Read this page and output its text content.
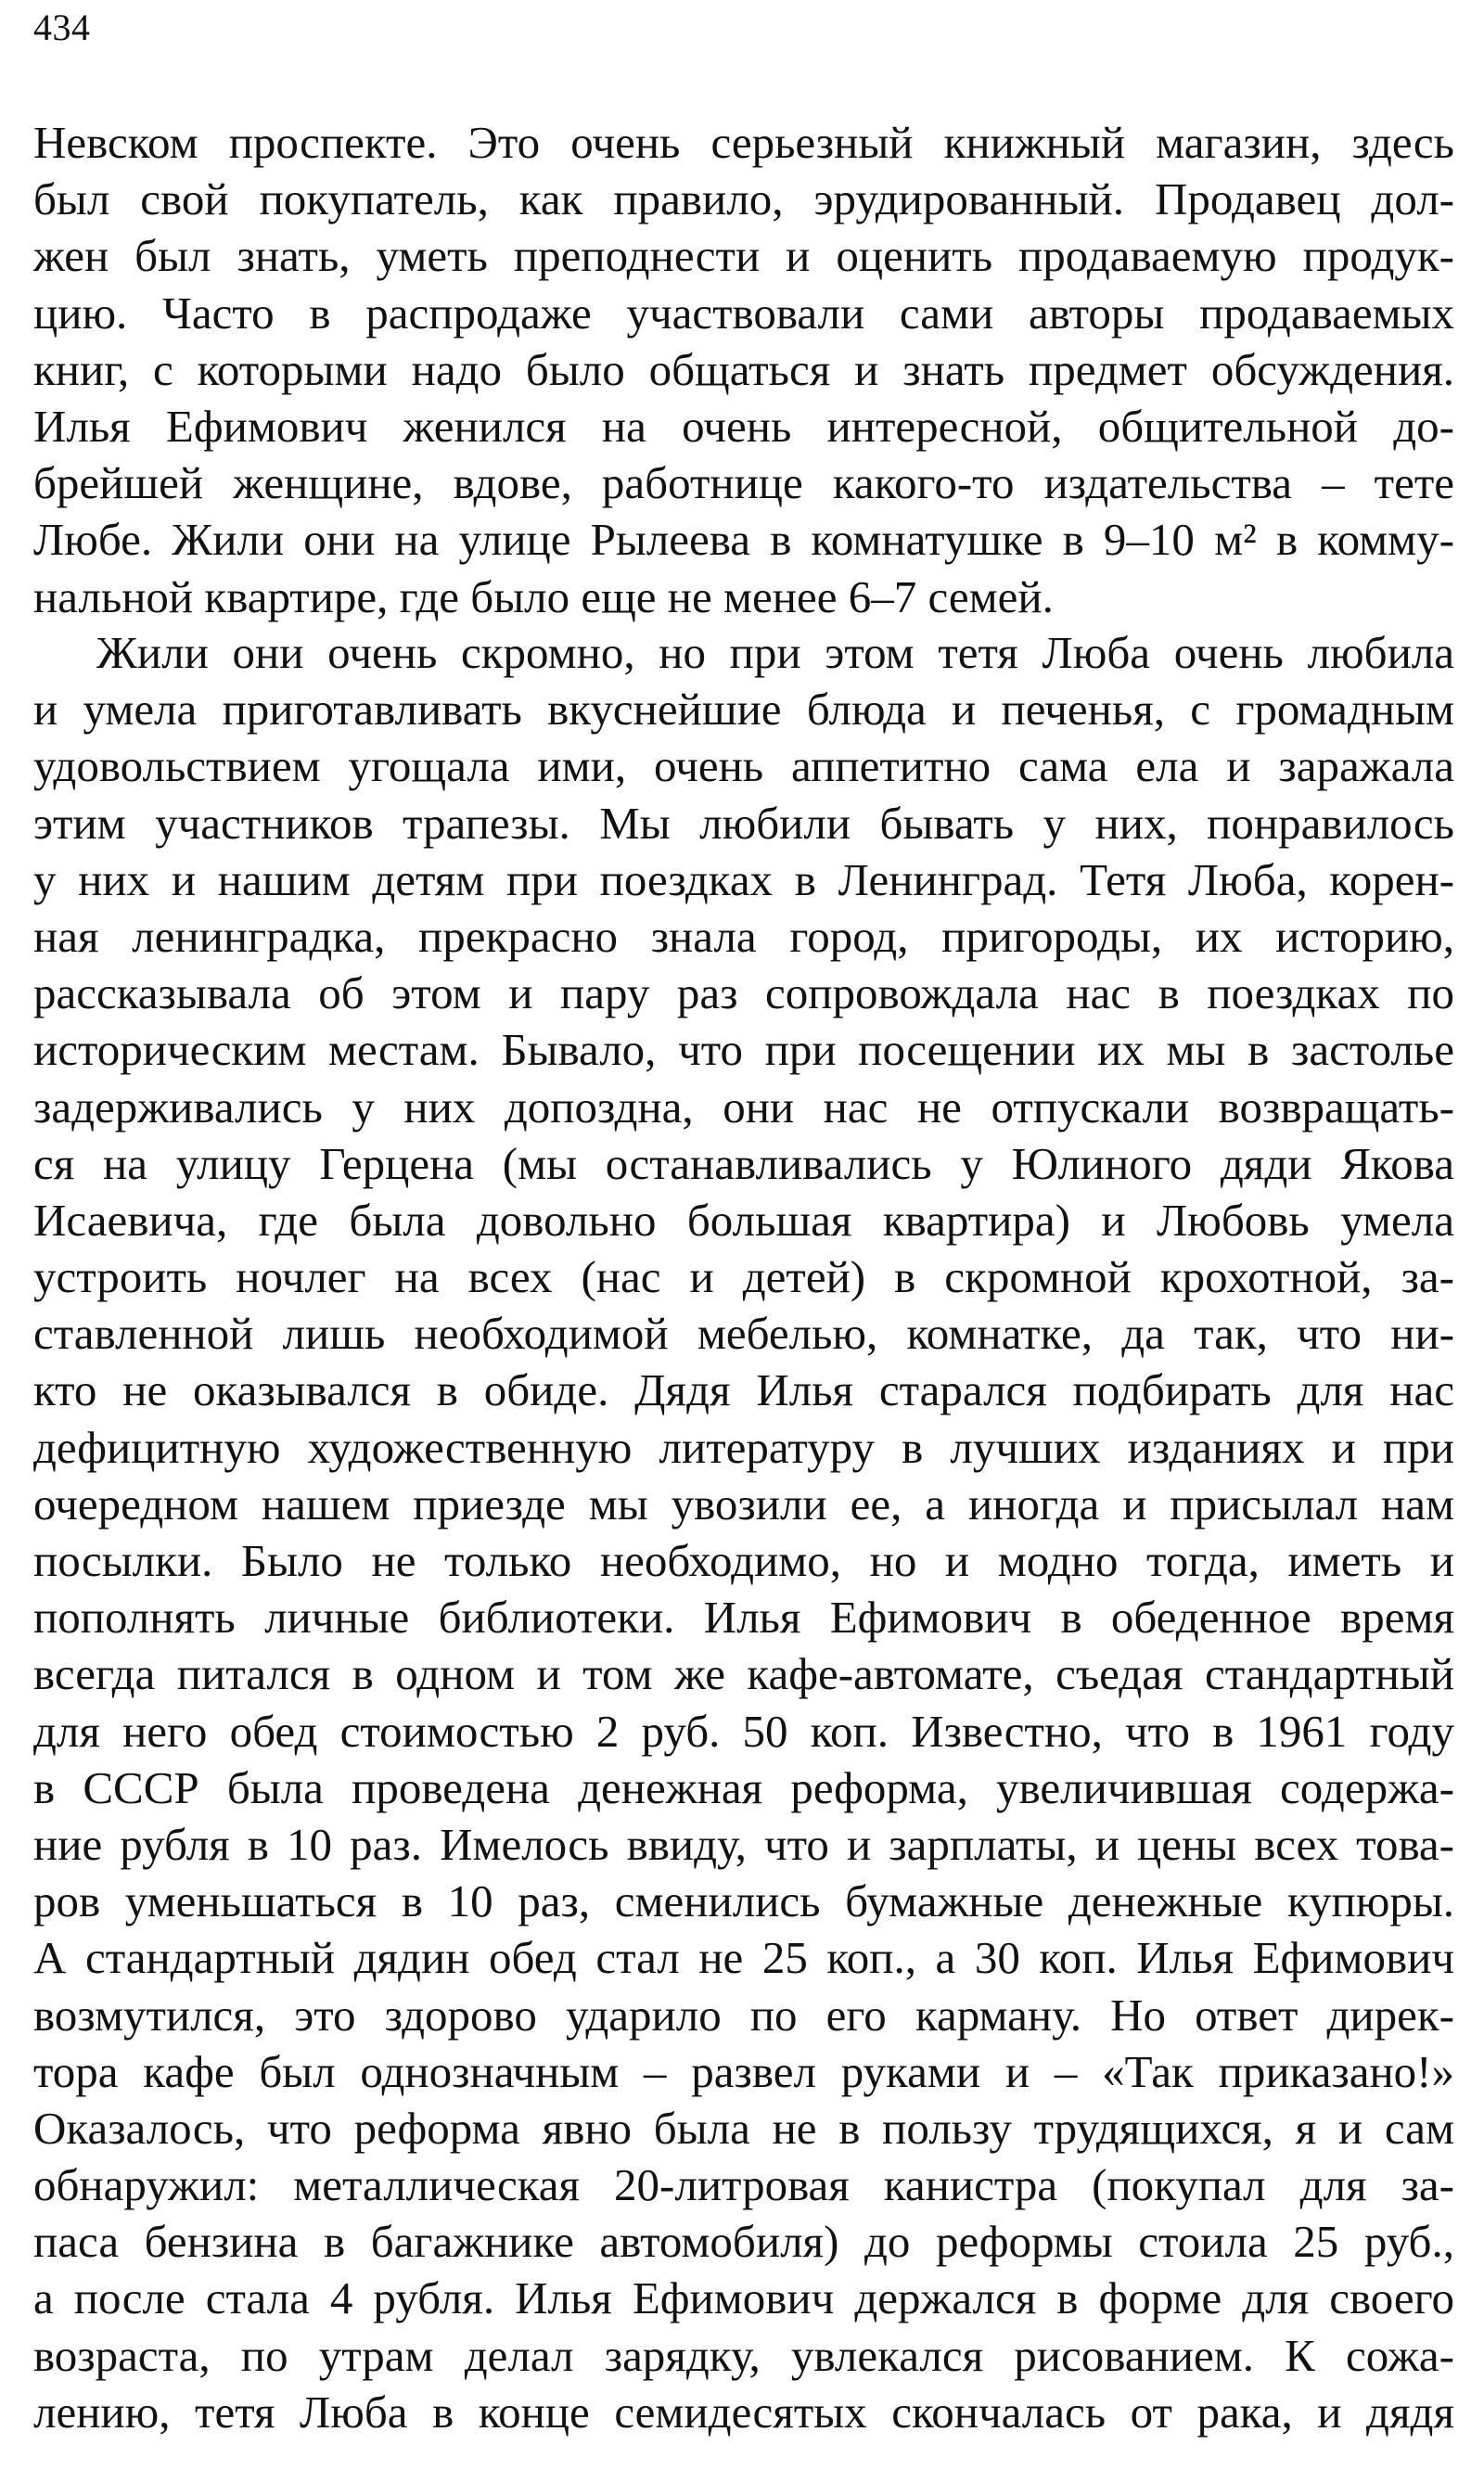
434
Невском проспекте. Это очень серьезный книжный магазин, здесь
был свой покупатель, как правило, эрудированный. Продавец дол-
жен был знать, уметь преподнести и оценить продаваемую продук-
цию. Часто в распродаже участвовали сами авторы продаваемых
книг, с которыми надо было общаться и знать предмет обсуждения.
Илья Ефимович женился на очень интересной, общительной до-
брейшей женщине, вдове, работнице какого-то издательства – тете
Любе. Жили они на улице Рылеева в комнатушке в 9–10 м² в комму-
нальной квартире, где было еще не менее 6–7 семей.
Жили они очень скромно, но при этом тетя Люба очень любила
и умела приготавливать вкуснейшие блюда и печенья, с громадным
удовольствием угощала ими, очень аппетитно сама ела и заражала
этим участников трапезы. Мы любили бывать у них, понравилось
у них и нашим детям при поездках в Ленинград. Тетя Люба, корен-
ная ленинградка, прекрасно знала город, пригороды, их историю,
рассказывала об этом и пару раз сопровождала нас в поездках по
историческим местам. Бывало, что при посещении их мы в застолье
задерживались у них допоздна, они нас не отпускали возвращать-
ся на улицу Герцена (мы останавливались у Юлиного дяди Якова
Исаевича, где была довольно большая квартира) и Любовь умела
устроить ночлег на всех (нас и детей) в скромной крохотной, за-
ставленной лишь необходимой мебелью, комнатке, да так, что ни-
кто не оказывался в обиде. Дядя Илья старался подбирать для нас
дефицитную художественную литературу в лучших изданиях и при
очередном нашем приезде мы увозили ее, а иногда и присылал нам
посылки. Было не только необходимо, но и модно тогда, иметь и
пополнять личные библиотеки. Илья Ефимович в обеденное время
всегда питался в одном и том же кафе-автомате, съедая стандартный
для него обед стоимостью 2 руб. 50 коп. Известно, что в 1961 году
в СССР была проведена денежная реформа, увеличившая содержа-
ние рубля в 10 раз. Имелось ввиду, что и зарплаты, и цены всех това-
ров уменьшаться в 10 раз, сменились бумажные денежные купюры.
А стандартный дядин обед стал не 25 коп., а 30 коп. Илья Ефимович
возмутился, это здорово ударило по его карману. Но ответ дирек-
тора кафе был однозначным – развел руками и – «Так приказано!»
Оказалось, что реформа явно была не в пользу трудящихся, я и сам
обнаружил: металлическая 20-литровая канистра (покупал для за-
паса бензина в багажнике автомобиля) до реформы стоила 25 руб.,
а после стала 4 рубля. Илья Ефимович держался в форме для своего
возраста, по утрам делал зарядку, увлекался рисованием. К сожа-
лению, тетя Люба в конце семидесятых скончалась от рака, и дядя
